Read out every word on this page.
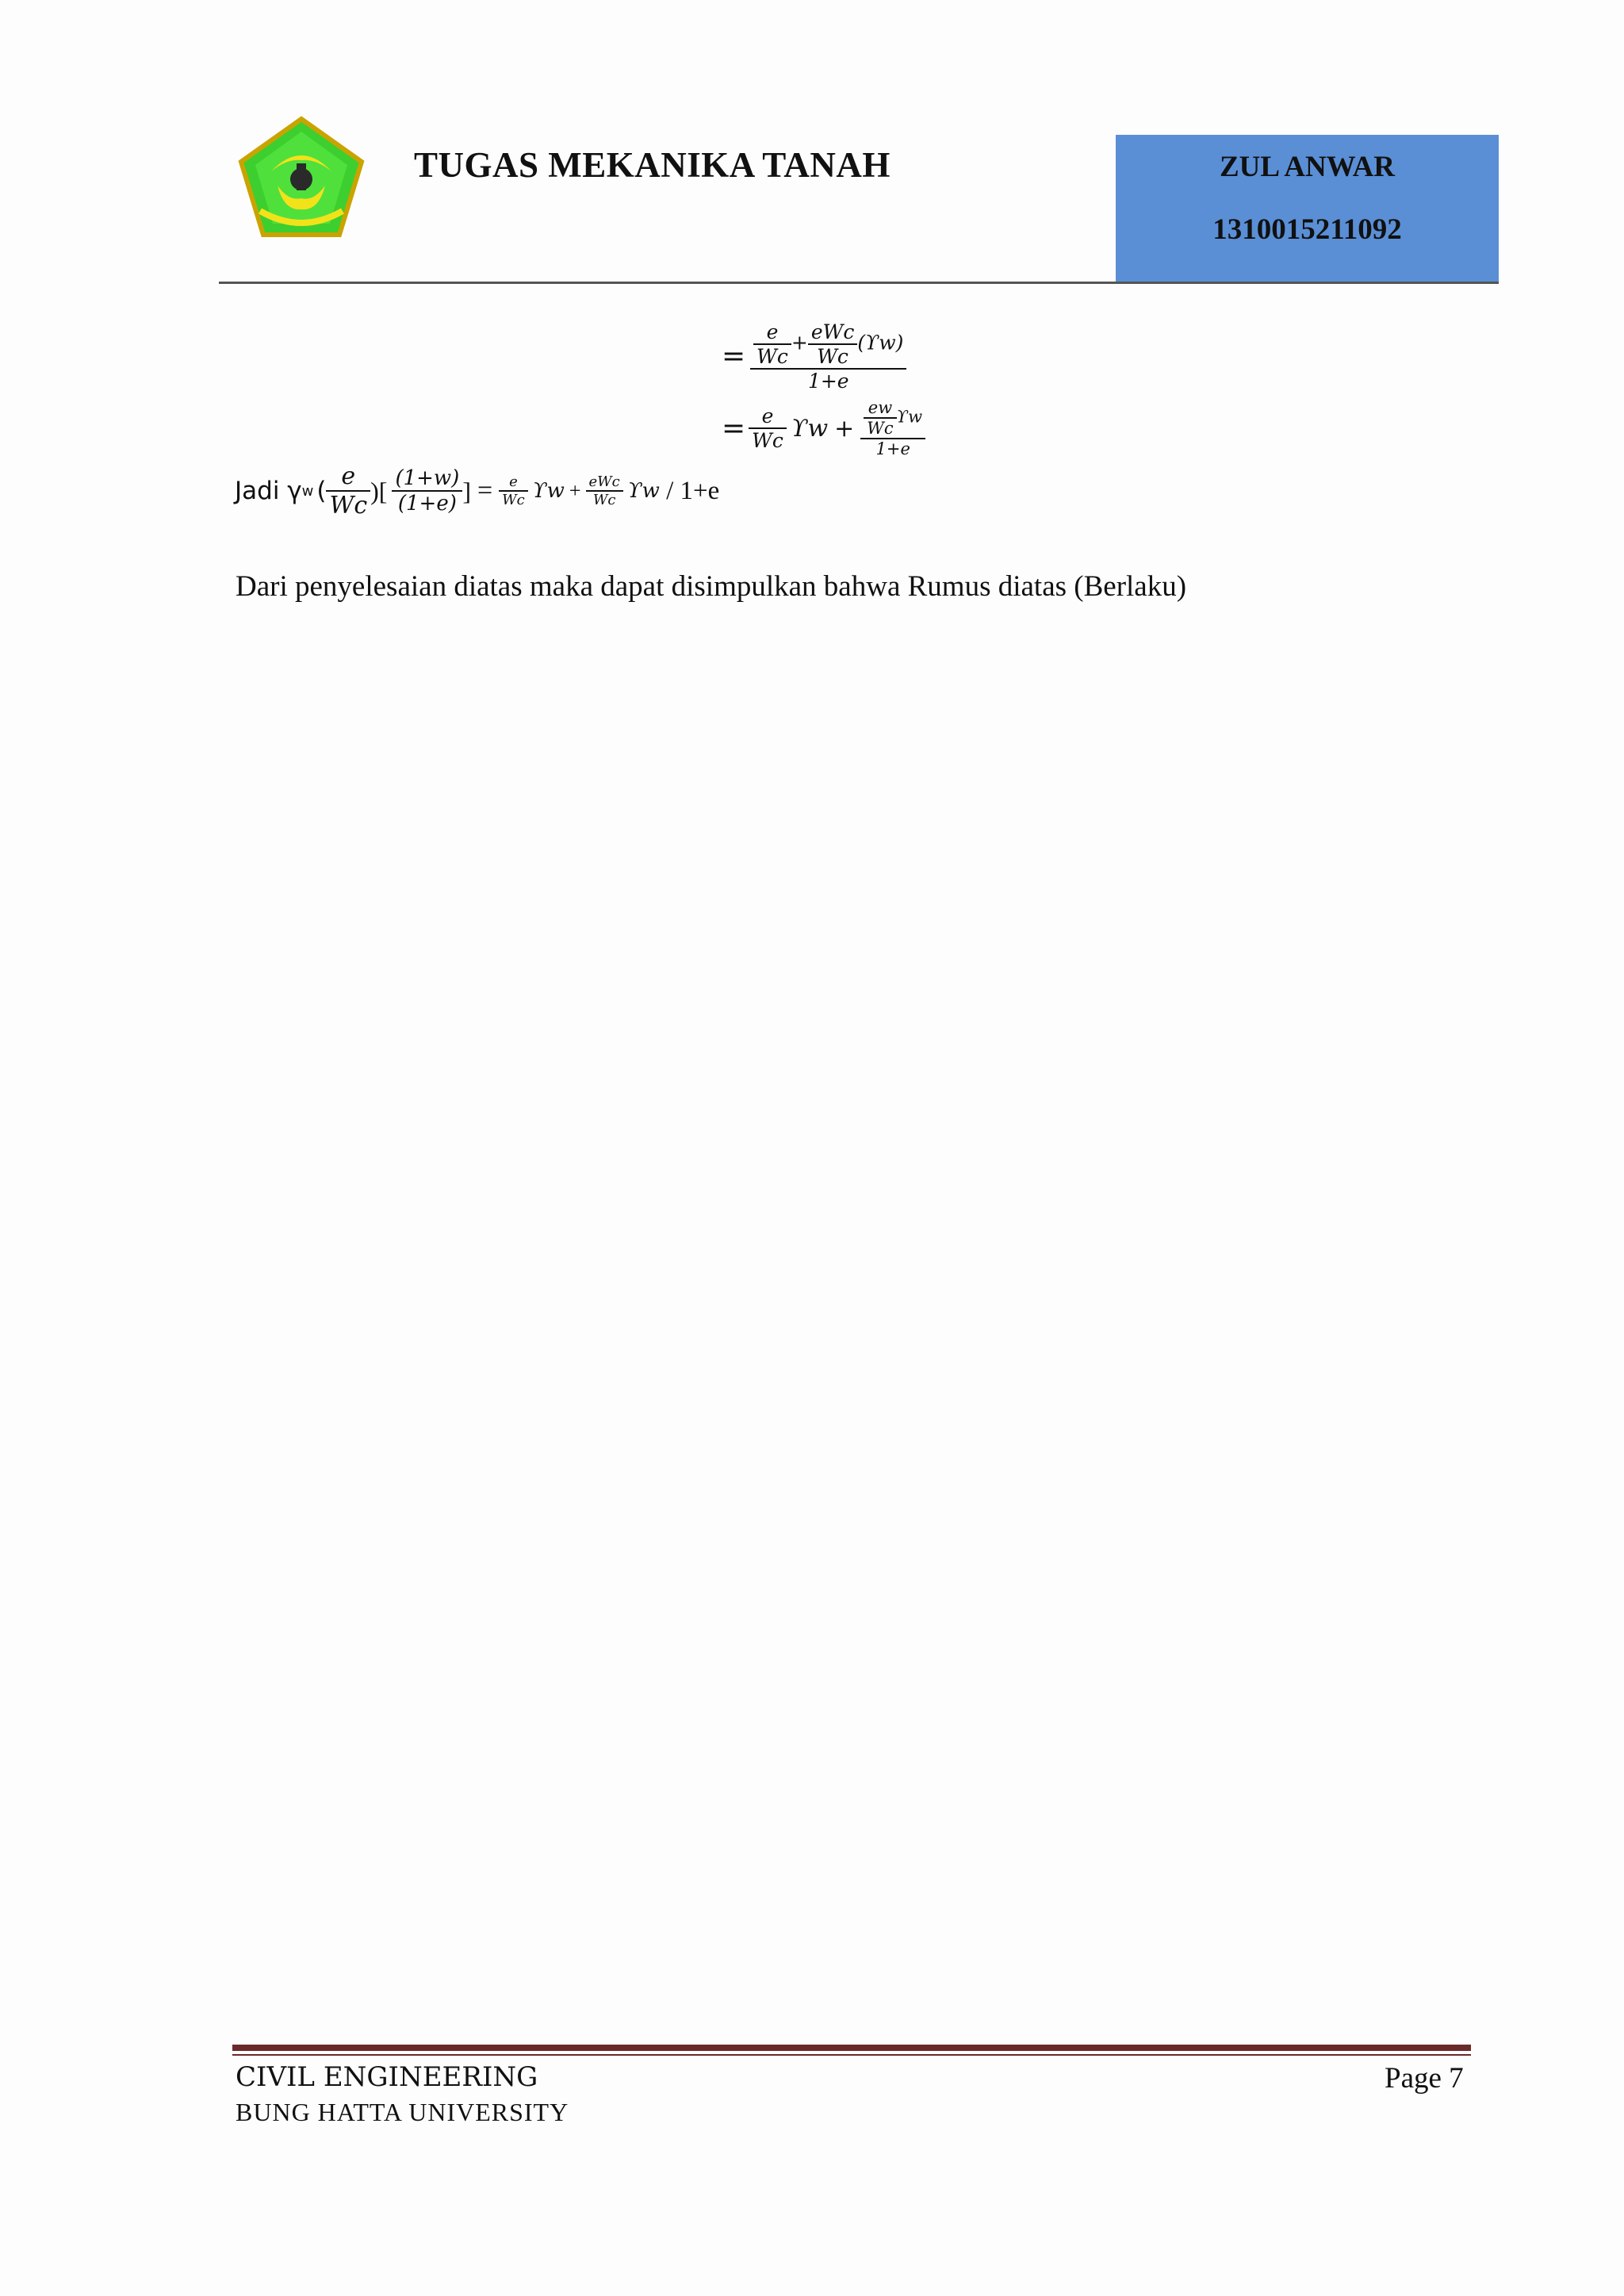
TUGAS MEKANIKA TANAH	ZUL ANWAR
1310015211092
= $\frac{e}{Wc} + \frac{\text{eWc}}{Wc} (ϒw)$
1+e
= $\frac{e}{Wc}$ $ϒw + \frac{\frac{ew}{Wc} ϒw}{1+e}$
Jadi γ w ( $\frac{e}{Wc}$ )[ $\frac{(1+w)}{(1+e)}$ ] = $\frac{e}{Wc}$ $ϒw + \frac{\text{eWc}}{Wc}$ ϒw / 1+e
Dari penyelesaian diatas maka dapat disimpulkan bahwa Rumus diatas (Berlaku)
CIVIL ENGINEERING
BUNG HATTA UNIVERSITY
Page 7
